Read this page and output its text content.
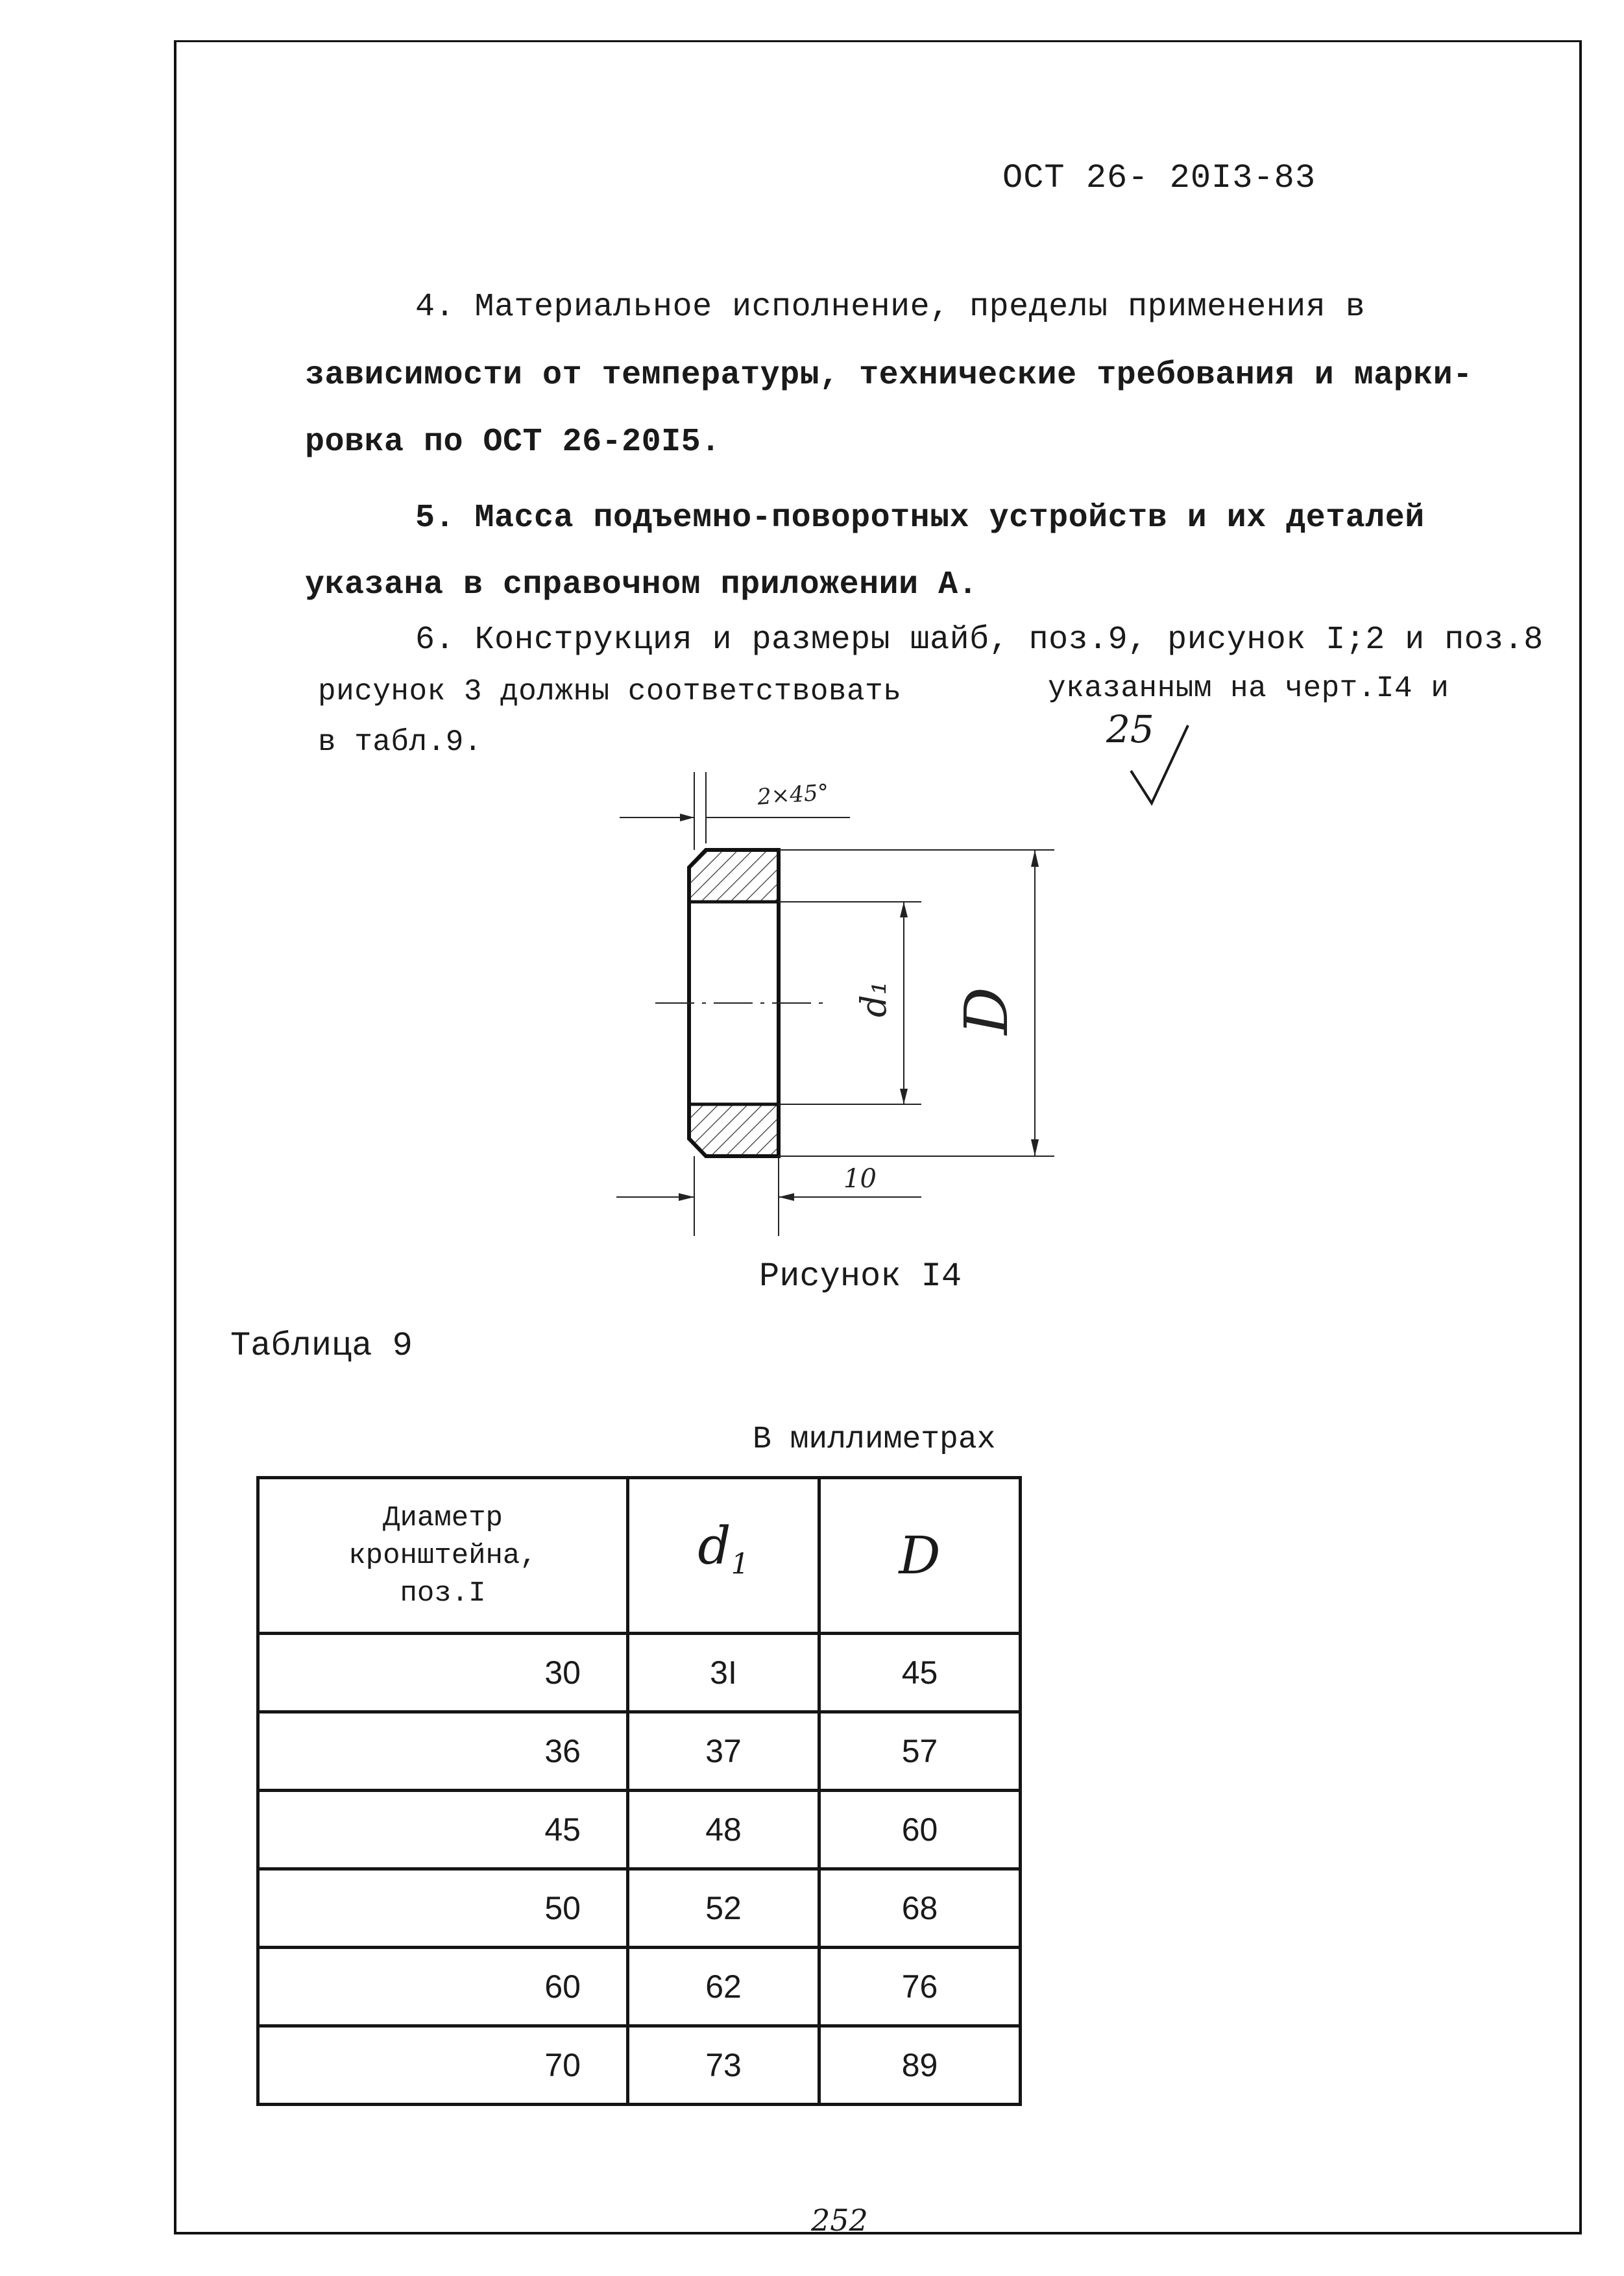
ОСТ 26- 20I3-83
4. Материальное исполнение, пределы применения в
зависимости от температуры, технические требования и марки-
ровка по ОСТ 26-20I5.
5. Масса подъемно-поворотных устройств и их деталей
указана в справочном приложении А.
6. Конструкция и размеры шайб, поз.9, рисунок I;2 и поз.8
рисунок 3 должны соответствовать	указанным на черт.I4 и
в табл.9.	25
2×45°
d₁ D
10
Рисунок I4
Таблица 9
В миллиметрах
Диаметр
кронштейна,
поз.I	$d_1$	D
30	3I	45
36	37	57
45	48	60
50	52	68
60	62	76
70	73	89
252
